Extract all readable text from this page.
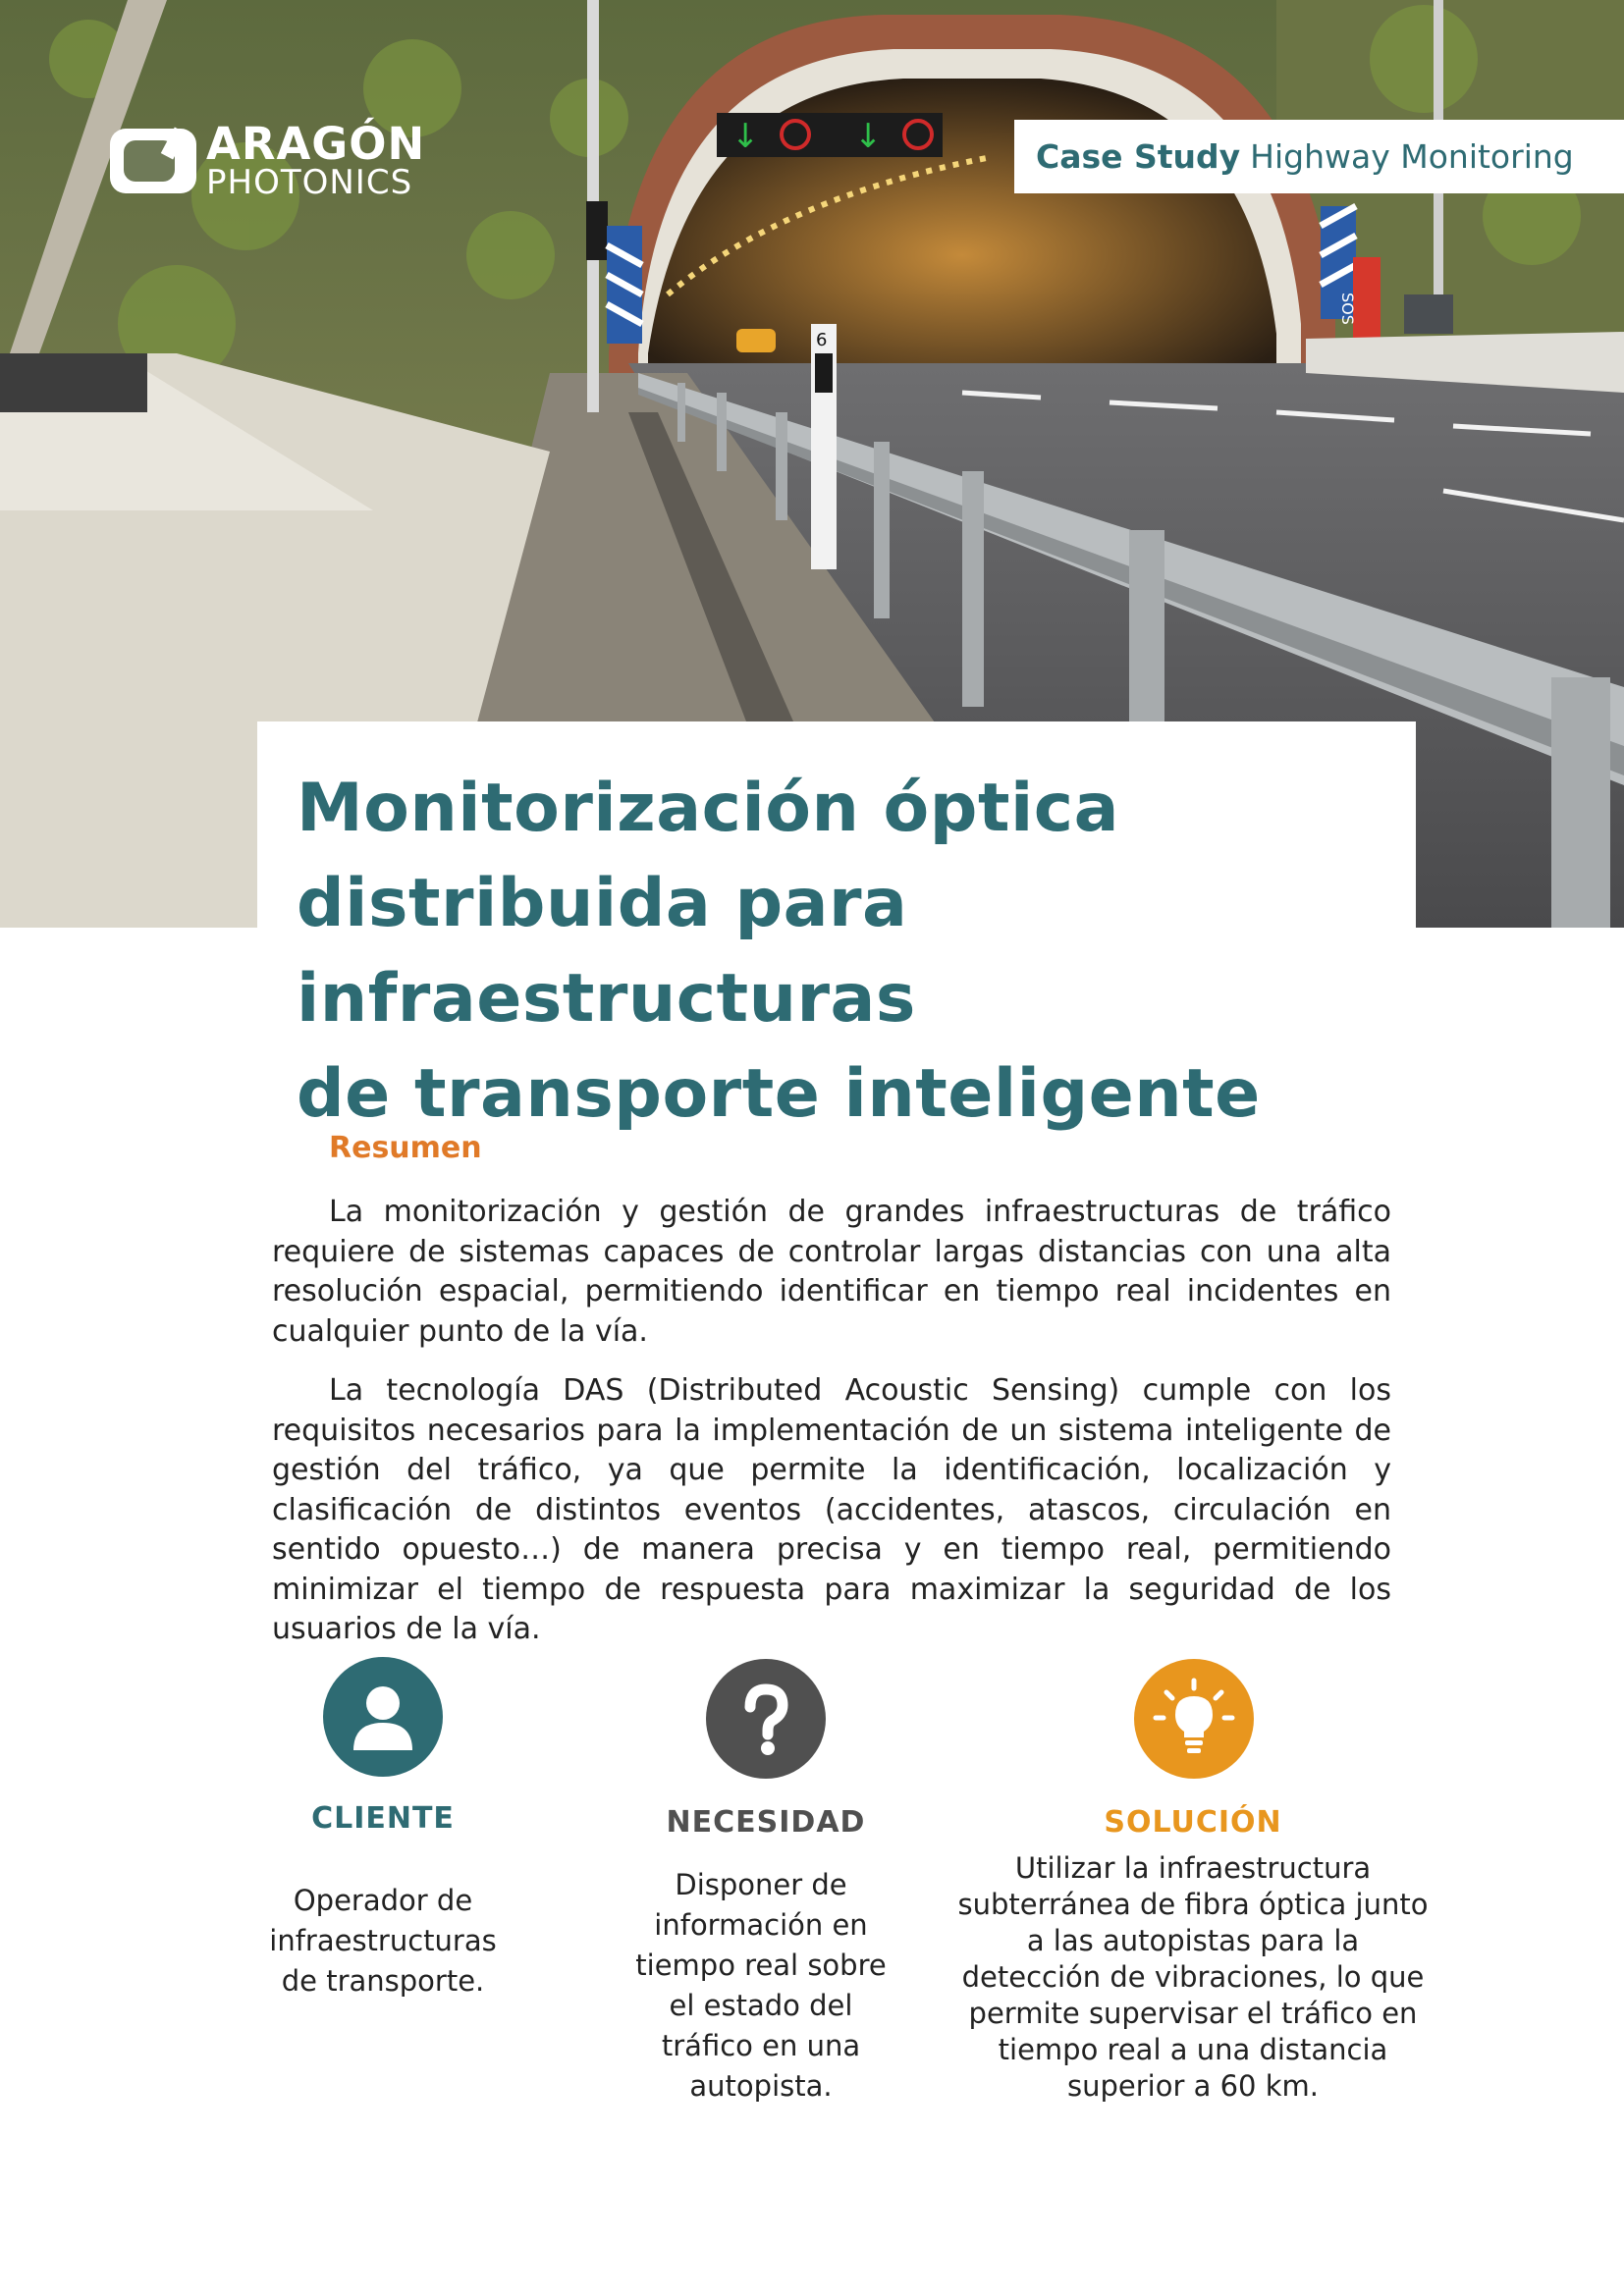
↓	↓
6
SOS
ARAGÓN
PHOTONICS
Case Study Highway Monitoring
Monitorización óptica
distribuida para infraestructuras
de transporte inteligente
Resumen

La monitorización y gestión de grandes infraestructuras de tráfico requiere de sistemas capaces de controlar largas distancias con una alta resolución espacial, permitiendo identificar en tiempo real incidentes en cualquier punto de la vía.

La tecnología DAS (Distributed Acoustic Sensing) cumple con los requisitos necesarios para la implementación de un sistema inteligente de gestión del tráfico, ya que permite la identificación, localización y clasificación de distintos eventos (accidentes, atascos, circulación en sentido opuesto…) de manera precisa y en tiempo real, permitiendo minimizar el tiempo de respuesta para maximizar la seguridad de los usuarios de la vía.

CLIENTE

Operador de infraestructuras de transporte.

NECESIDAD

Disponer de información en tiempo real sobre el estado del tráfico en una autopista.

SOLUCIÓN

Utilizar la infraestructura subterránea de fibra óptica junto a las autopistas para la detección de vibraciones, lo que permite supervisar el tráfico en tiempo real a una distancia superior a 60 km.
